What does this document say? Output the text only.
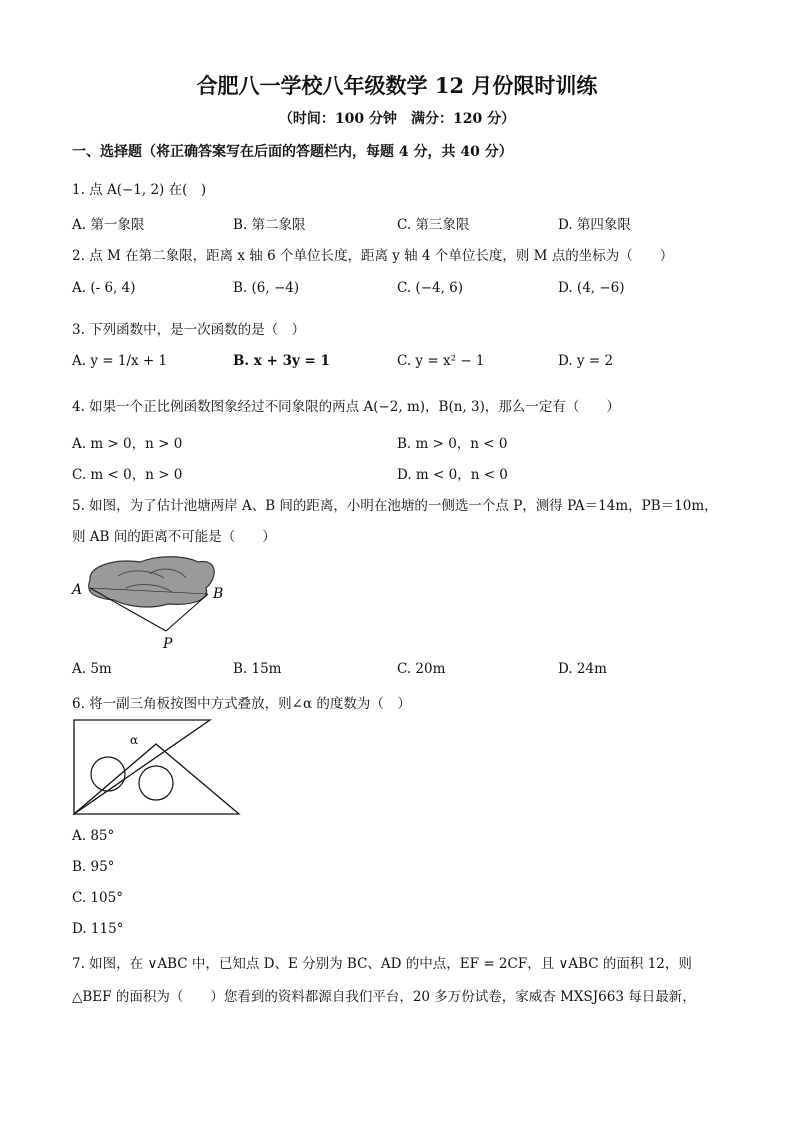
合肥八一学校八年级数学 12 月份限时训练
（时间：100 分钟　满分：120 分）
一、选择题（将正确答案写在后面的答题栏内，每题 4 分，共 40 分）
1. 点 A(−1, 2) 在(　)
A. 第一象限	B. 第二象限	C. 第三象限	D. 第四象限
2. 点 M 在第二象限，距离 x 轴 6 个单位长度，距离 y 轴 4 个单位长度，则 M 点的坐标为（　　）
A. (- 6, 4)	B. (6, −4)	C. (−4, 6)	D. (4, −6)
3. 下列函数中，是一次函数的是（　）
A. y = 1/x + 1	B. x + 3y = 1	C. y = x² − 1	D. y = 2
4. 如果一个正比例函数图象经过不同象限的两点 A(−2, m)，B(n, 3)，那么一定有（　　）
A. m > 0，n > 0	B. m > 0，n < 0
C. m < 0，n > 0	D. m < 0，n < 0
5. 如图，为了估计池塘两岸 A、B 间的距离，小明在池塘的一侧选一个点 P，测得 PA＝14m，PB＝10m，
则 AB 间的距离不可能是（　　）
A	B
P
A. 5m	B. 15m	C. 20m	D. 24m
6. 将一副三角板按图中方式叠放，则∠α 的度数为（　）
α
A. 85°
B. 95°
C. 105°
D. 115°
7. 如图，在 ∨ABC 中，已知点 D、E 分别为 BC、AD 的中点，EF = 2CF，且 ∨ABC 的面积 12，则
△BEF 的面积为（　　）您看到的资料都源自我们平台，20 多万份试卷，家威杏 MXSJ663 每日最新，
